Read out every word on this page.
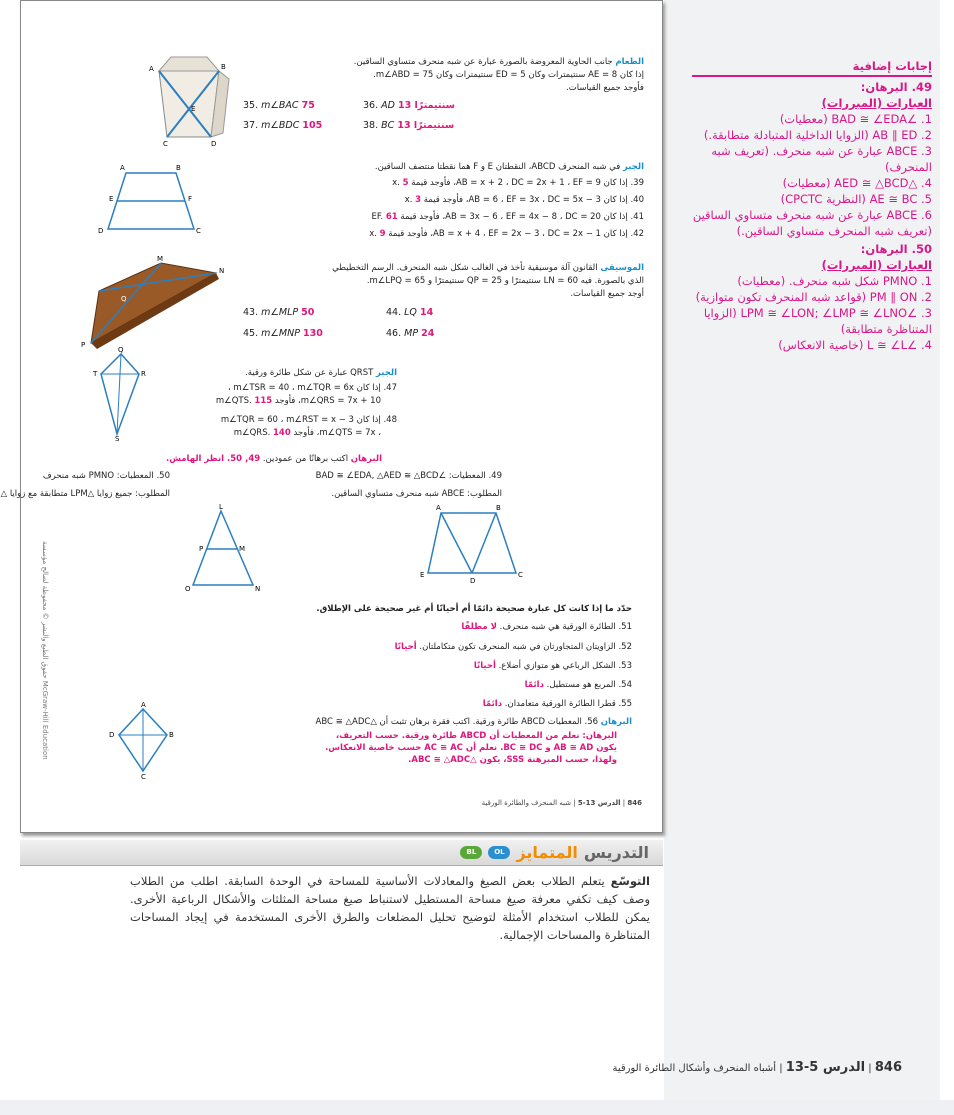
إجابات إضافية
49. البرهان:
العبارات (المبررات)
1. ∠BAD ≅ ∠EDA (معطيات)
2. AB ∥ ED (الزوايا الداخلية المتبادلة متطابقة.)
3. ABCE عبارة عن شبه منحرف. (تعريف شبه المنحرف)
4. △AED ≅ △BCD (معطيات)
5. AE ≅ BC (النظرية CPCTC)
6. ABCE عبارة عن شبه منحرف متساوي الساقين (تعريف شبه المنحرف متساوي الساقين.)
50. البرهان:
العبارات (المبررات)
1. PMNO شكل شبه منحرف. (معطيات)
2. PM ∥ ON (قواعد شبه المنحرف تكون متوازية)
3. ∠LPM ≅ ∠LON; ∠LMP ≅ ∠LNO (الزوايا المتناظرة متطابقة)
4. ∠L ≅ ∠L (خاصية الانعكاس)
A	B
C	D
E
الطعام جانب الحاوية المعروضة بالصورة عبارة عن شبه منحرف متساوي الساقين.
إذا كان AE = 8 سنتيمترات وكان ED = 5 سنتيمترات وكان m∠ABD = 75.
فأوجد جميع القياسات.
35. m∠BAC 75	36. AD 13 سنتيمترًا
37. m∠BDC 105	38. BC 13 سنتيمترًا
A	B
E	F
D	C
الجبر في شبه المنحرف ABCD، النقطتان E و F هما نقطتا منتصف الساقين.
39. إذا كان AB = x + 2 ، DC = 2x + 1 ، EF = 9، فأوجد قيمة x. 5
40. إذا كان AB = 6 ، EF = 3x ، DC = 5x − 3، فأوجد قيمة x. 3
41. إذا كان AB = 3x − 6 ، EF = 4x − 8 ، DC = 20، فأوجد قيمة EF. 61
42. إذا كان AB = x + 4 ، EF = 2x − 3 ، DC = 2x − 1، فأوجد قيمة x. 9
L
M
N
P
Q
الموسيقى القانون آلة موسيقية تأخذ في الغالب شكل شبه المنحرف. الرسم التخطيطي
الذي بالصورة. فيه LN = 60 سنتيمترًا و QP = 25 سنتيمترًا و m∠LPQ = 65.
أوجد جميع القياسات.
43. m∠MLP 50	44. LQ 14
45. m∠MNP 130	46. MP 24
Q
R
T
S
الجبر QRST عبارة عن شكل طائرة ورقية.
47. إذا كان m∠TSR = 40 ، m∠TQR = 6x ،
m∠QRS = 7x + 10، فأوجد m∠QTS. 115
48. إذا كان m∠TQR = 60 ، m∠RST = x − 3
، m∠QTS = 7x، فأوجد m∠QRS. 140
البرهان اكتب برهانًا من عمودين. 49, 50. انظر الهامش.
49. المعطيات: ∠BAD ≅ ∠EDA, △AED ≅ △BCD
المطلوب: ABCE شبه منحرف متساوي الساقين.
50. المعطيات: PMNO شبه منحرف
المطلوب: جميع زوايا △LPM متطابقة مع زوايا △
L
P	M
O	N
A	B
E
D
C
حدّد ما إذا كانت كل عبارة صحيحة دائمًا أم أحيانًا أم غير صحيحة على الإطلاق.
51. الطائرة الورقية هي شبه منحرف. لا مطلقًا
52. الزاويتان المتجاورتان في شبه المنحرف تكون متكاملتان. أحيانًا
53. الشكل الرباعي هو متوازي أضلاع. أحيانًا
54. المربع هو مستطيل. دائمًا
55. قطرا الطائرة الورقية متعامدان. دائمًا
البرهان 56. المعطيات ABCD طائرة ورقية. اكتب فقرة برهان تثبت أن △ABC ≅ △ADC
البرهان: نعلم من المعطيات أن ABCD طائرة ورقية. حسب التعريف،
يكون AB ≅ AD و BC ≅ DC. نعلم أن AC ≅ AC حسب خاصية الانعكاس.
ولهذا، حسب المبرهنة SSS، يكون △ABC ≅ △ADC.
A
B
D
C
حقوق الطبع والنشر © محفوظة لصالح مؤسسة McGraw-Hill Education
846 | الدرس 13-5 | شبه المنحرف والطائرة الورقية
التدريس
المتمايز
OL
BL
التوسّع يتعلم الطلاب بعض الصيغ والمعادلات الأساسية للمساحة في الوحدة السابقة. اطلب من الطلاب وصف كيف تكفي معرفة صيغ مساحة المستطيل لاستنباط صيغ مساحة المثلثات والأشكال الرباعية الأخرى. يمكن للطلاب استخدام الأمثلة لتوضيح تحليل المضلعات والطرق الأخرى المستخدمة في إيجاد المساحات المتناظرة والمساحات الإجمالية.
846 | الدرس 5-13 | أشباه المنحرف وأشكال الطائرة الورقية
